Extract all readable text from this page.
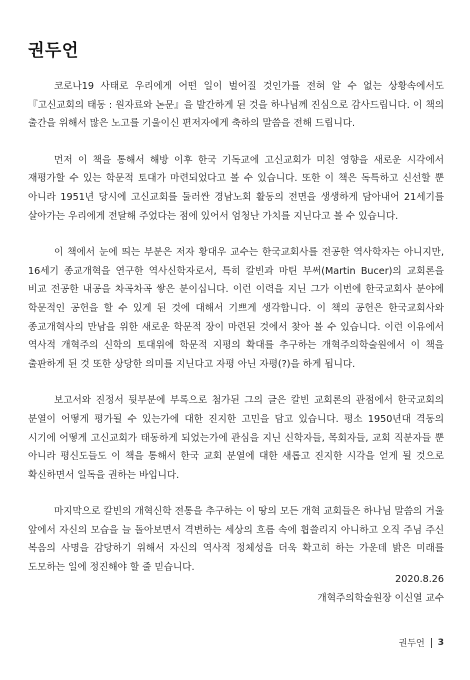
권두언

코로나19 사태로 우리에게 어떤 일이 벌어질 것인가를 전혀 알 수 없는 상황속에서도 『고신교회의 태동 : 원자료와 논문』을 발간하게 된 것을 하나님께 진심으로 감사드립니다. 이 책의 출간을 위해서 많은 노고를 기울이신 편저자에게 축하의 말씀을 전해 드립니다.

먼저 이 책을 통해서 해방 이후 한국 기독교에 고신교회가 미친 영향을 새로운 시각에서 재평가할 수 있는 학문적 토대가 마련되었다고 볼 수 있습니다. 또한 이 책은 독특하고 신선할 뿐 아니라 1951년 당시에 고신교회를 둘러싼 경남노회 활동의 전면을 생생하게 담아내어 21세기를 살아가는 우리에게 전달해 주었다는 점에 있어서 엄청난 가치를 지닌다고 볼 수 있습니다.

이 책에서 눈에 띄는 부분은 저자 황대우 교수는 한국교회사를 전공한 역사학자는 아니지만, 16세기 종교개혁을 연구한 역사신학자로서, 특히 칼빈과 마틴 부써(Martin Bucer)의 교회론을 비교 전공한 내공을 차곡차곡 쌓은 분이십니다. 이런 이력을 지닌 그가 이번에 한국교회사 분야에 학문적인 공헌을 할 수 있게 된 것에 대해서 기쁘게 생각합니다. 이 책의 공헌은 한국교회사와 종교개혁사의 만남을 위한 새로운 학문적 장이 마련된 것에서 찾아 볼 수 있습니다. 이런 이유에서 역사적 개혁주의 신학의 토대위에 학문적 지평의 확대를 추구하는 개혁주의학술원에서 이 책을 출판하게 된 것 또한 상당한 의미를 지닌다고 자평 아닌 자평(?)을 하게 됩니다.

보고서와 진정서 뒷부분에 부록으로 첨가된 그의 글은 칼빈 교회론의 관점에서 한국교회의 분열이 어떻게 평가될 수 있는가에 대한 진지한 고민을 담고 있습니다. 평소 1950년대 격동의 시기에 어떻게 고신교회가 태동하게 되었는가에 관심을 지닌 신학자들, 목회자들, 교회 직분자들 뿐 아니라 평신도들도 이 책을 통해서 한국 교회 분열에 대한 새롭고 진지한 시각을 얻게 될 것으로 확신하면서 일독을 권하는 바입니다.

마지막으로 칼빈의 개혁신학 전통을 추구하는 이 땅의 모든 개혁 교회들은 하나님 말씀의 거울 앞에서 자신의 모습을 늘 돌아보면서 격변하는 세상의 흐름 속에 휩쓸리지 아니하고 오직 주님 주신 복음의 사명을 감당하기 위해서 자신의 역사적 정체성을 더욱 확고히 하는 가운데 밝은 미래를 도모하는 일에 정진해야 할 줄 믿습니다.

2020.8.26
개혁주의학술원장 이신열 교수
권두언 3
